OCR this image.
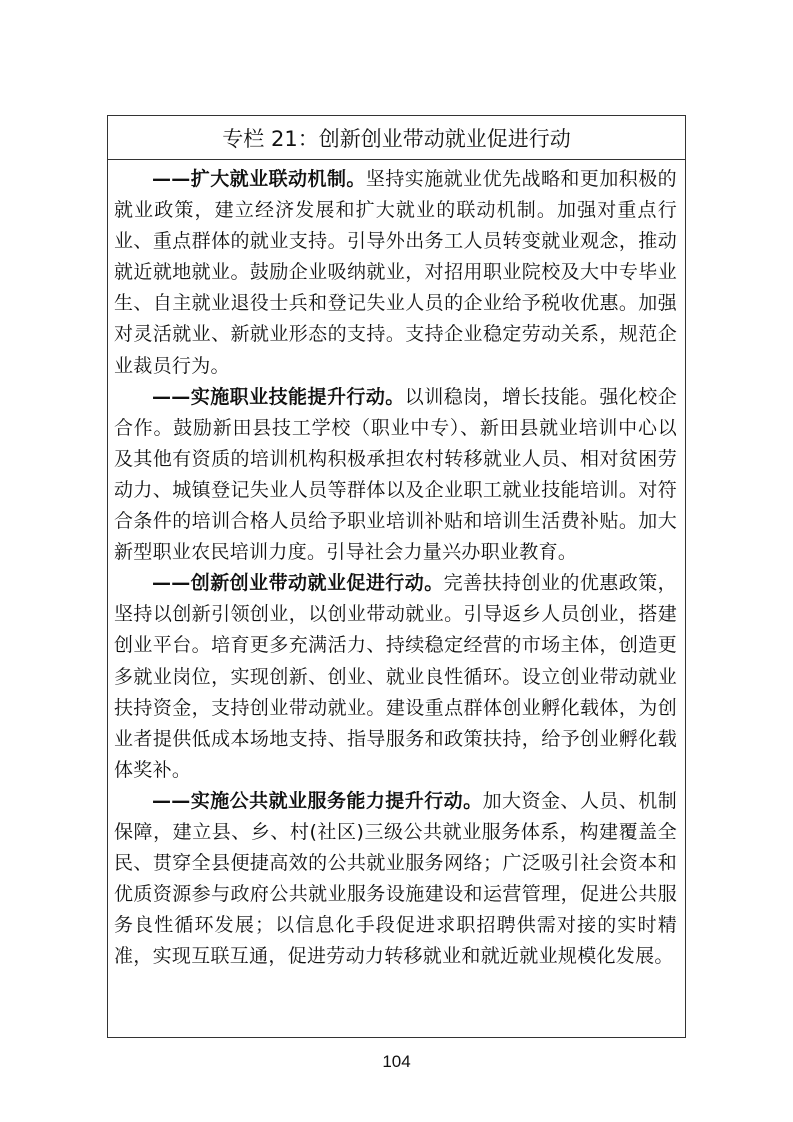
专栏 21：创新创业带动就业促进行动

——扩大就业联动机制。坚持实施就业优先战略和更加积极的就业政策，建立经济发展和扩大就业的联动机制。加强对重点行业、重点群体的就业支持。引导外出务工人员转变就业观念，推动就近就地就业。鼓励企业吸纳就业，对招用职业院校及大中专毕业生、自主就业退役士兵和登记失业人员的企业给予税收优惠。加强对灵活就业、新就业形态的支持。支持企业稳定劳动关系，规范企业裁员行为。

——实施职业技能提升行动。以训稳岗，增长技能。强化校企合作。鼓励新田县技工学校（职业中专）、新田县就业培训中心以及其他有资质的培训机构积极承担农村转移就业人员、相对贫困劳动力、城镇登记失业人员等群体以及企业职工就业技能培训。对符合条件的培训合格人员给予职业培训补贴和培训生活费补贴。加大新型职业农民培训力度。引导社会力量兴办职业教育。

——创新创业带动就业促进行动。完善扶持创业的优惠政策，坚持以创新引领创业，以创业带动就业。引导返乡人员创业，搭建创业平台。培育更多充满活力、持续稳定经营的市场主体，创造更多就业岗位，实现创新、创业、就业良性循环。设立创业带动就业扶持资金，支持创业带动就业。建设重点群体创业孵化载体，为创业者提供低成本场地支持、指导服务和政策扶持，给予创业孵化载体奖补。

——实施公共就业服务能力提升行动。加大资金、人员、机制保障，建立县、乡、村(社区)三级公共就业服务体系，构建覆盖全民、贯穿全县便捷高效的公共就业服务网络；广泛吸引社会资本和优质资源参与政府公共就业服务设施建设和运营管理，促进公共服务良性循环发展；以信息化手段促进求职招聘供需对接的实时精准，实现互联互通，促进劳动力转移就业和就近就业规模化发展。

104
